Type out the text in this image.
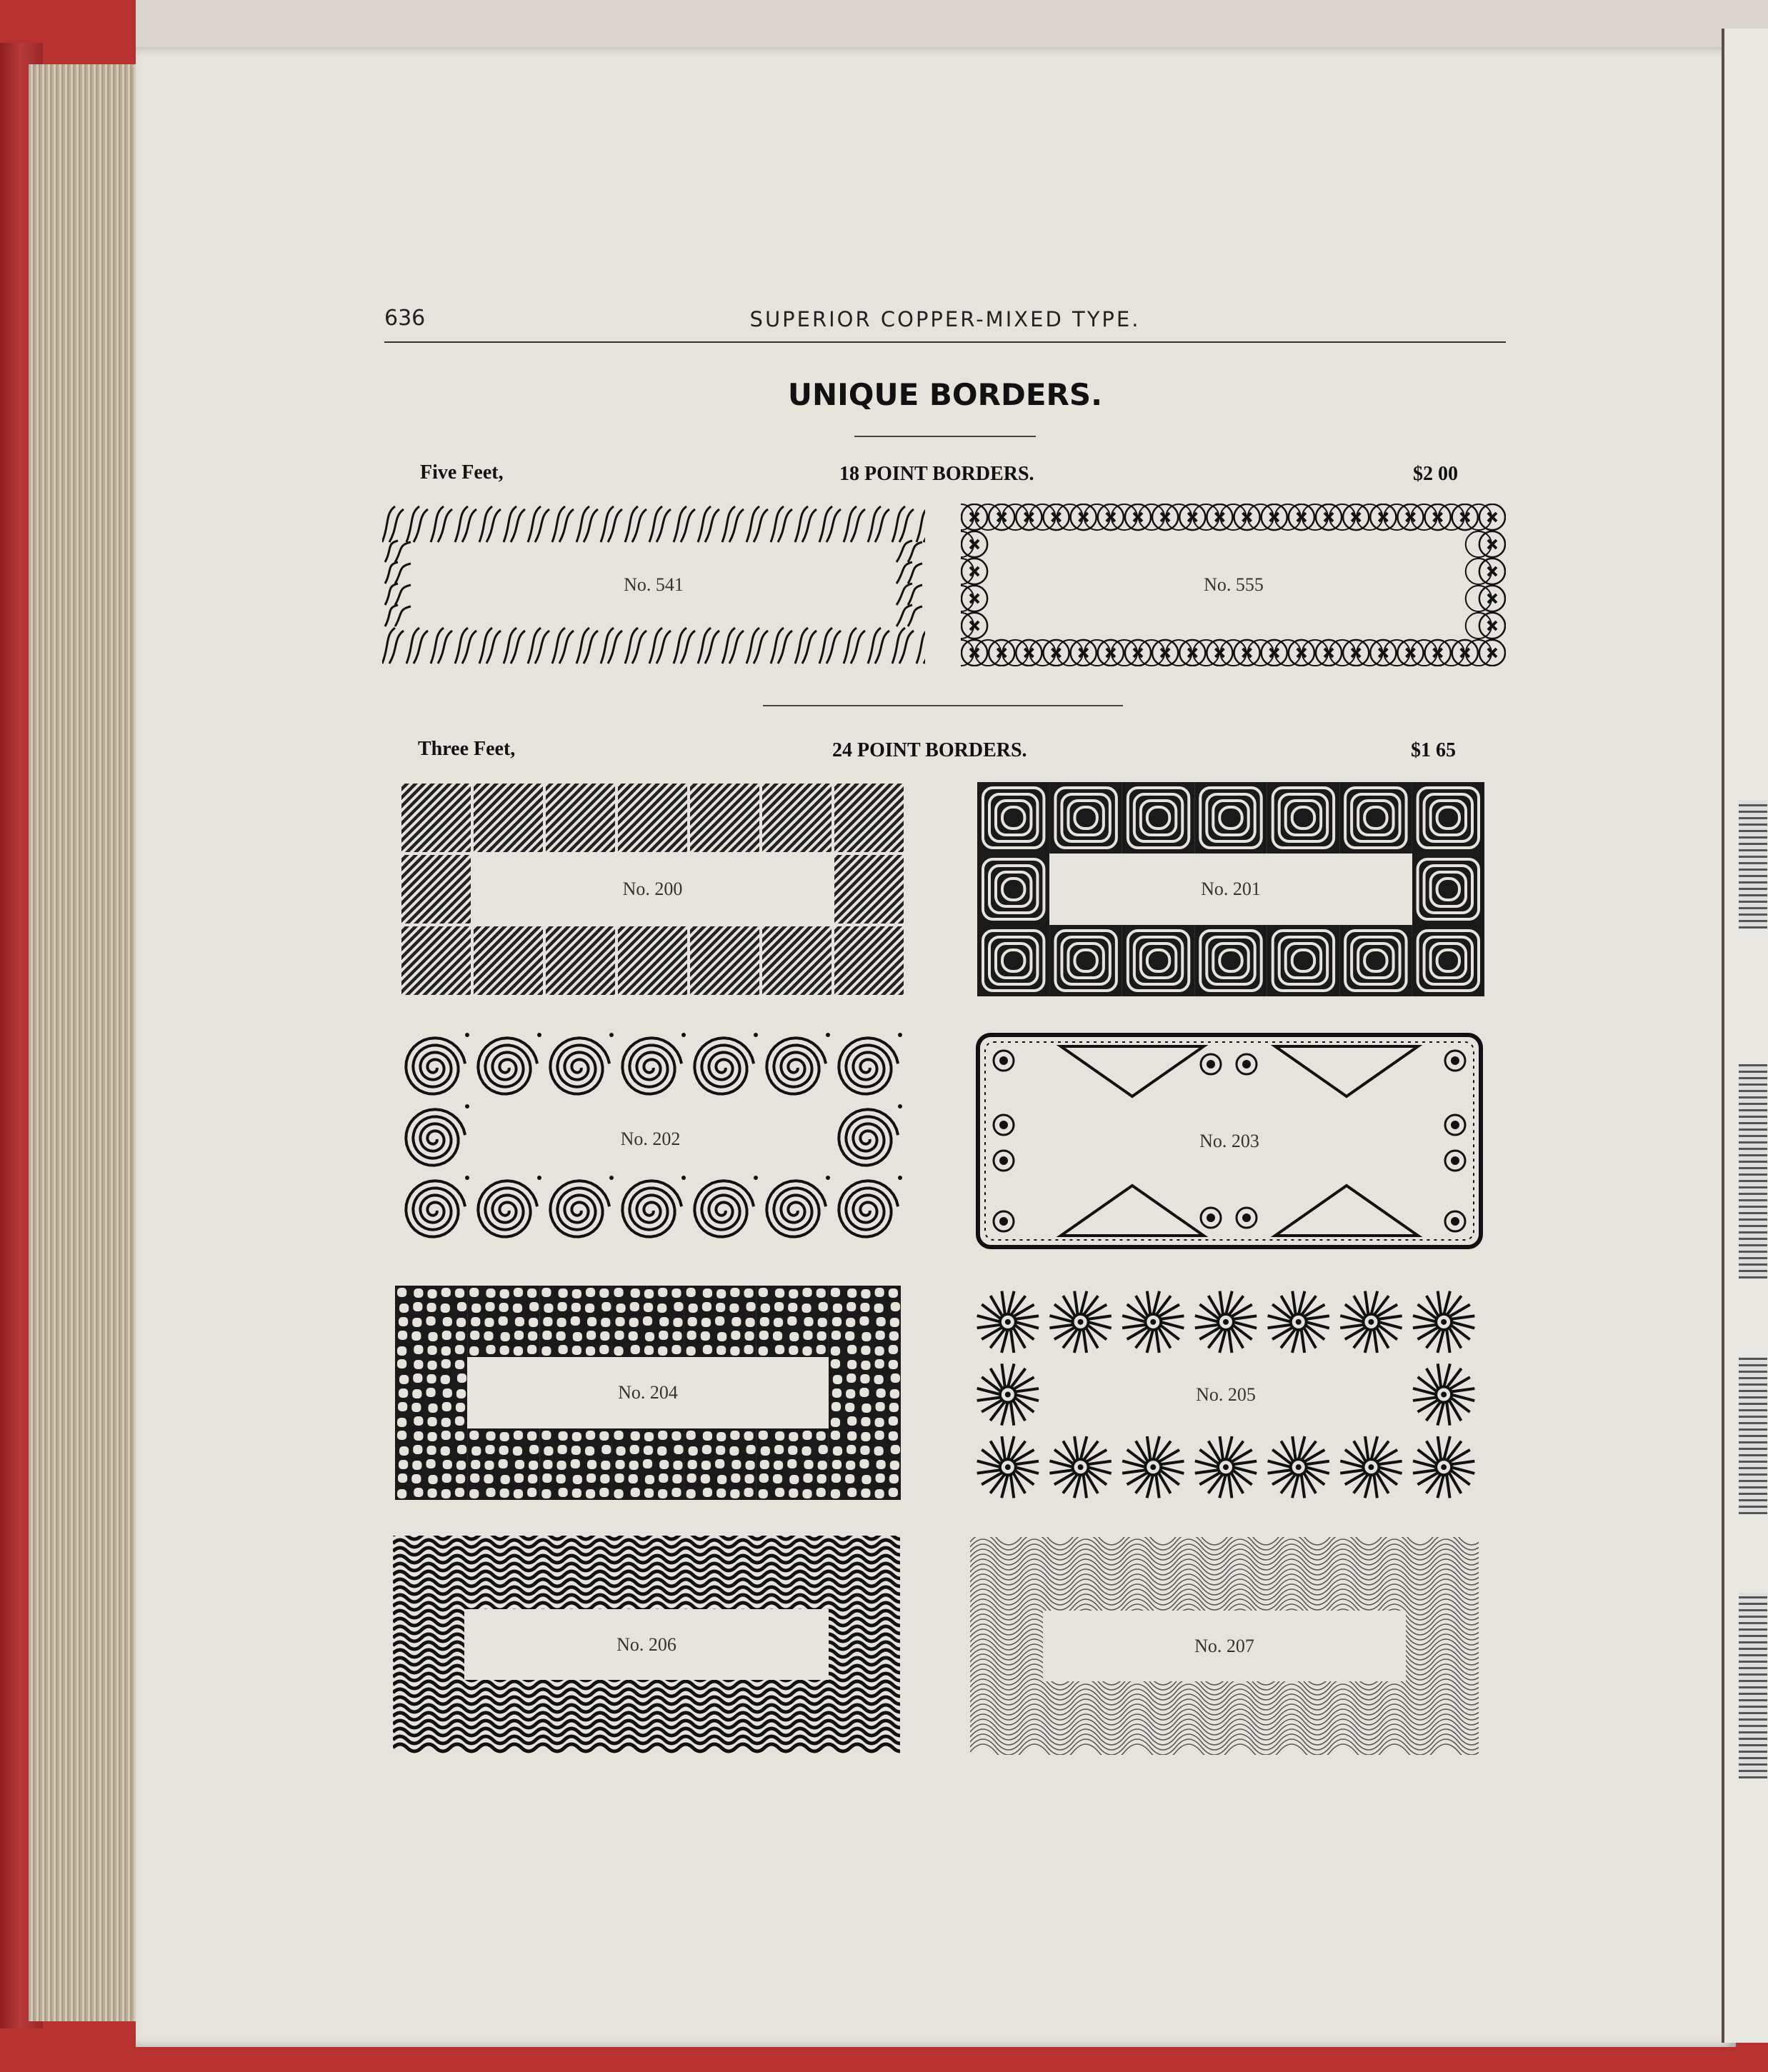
636	SUPERIOR COPPER-MIXED TYPE.
UNIQUE BORDERS.
Five Feet,	18 POINT BORDERS.	$2 00
Three Feet,	24 POINT BORDERS.	$1 65
No. 541	No. 555
No. 200	No. 201
No. 202	No. 203
No. 204	No. 205
No. 206	No. 207
